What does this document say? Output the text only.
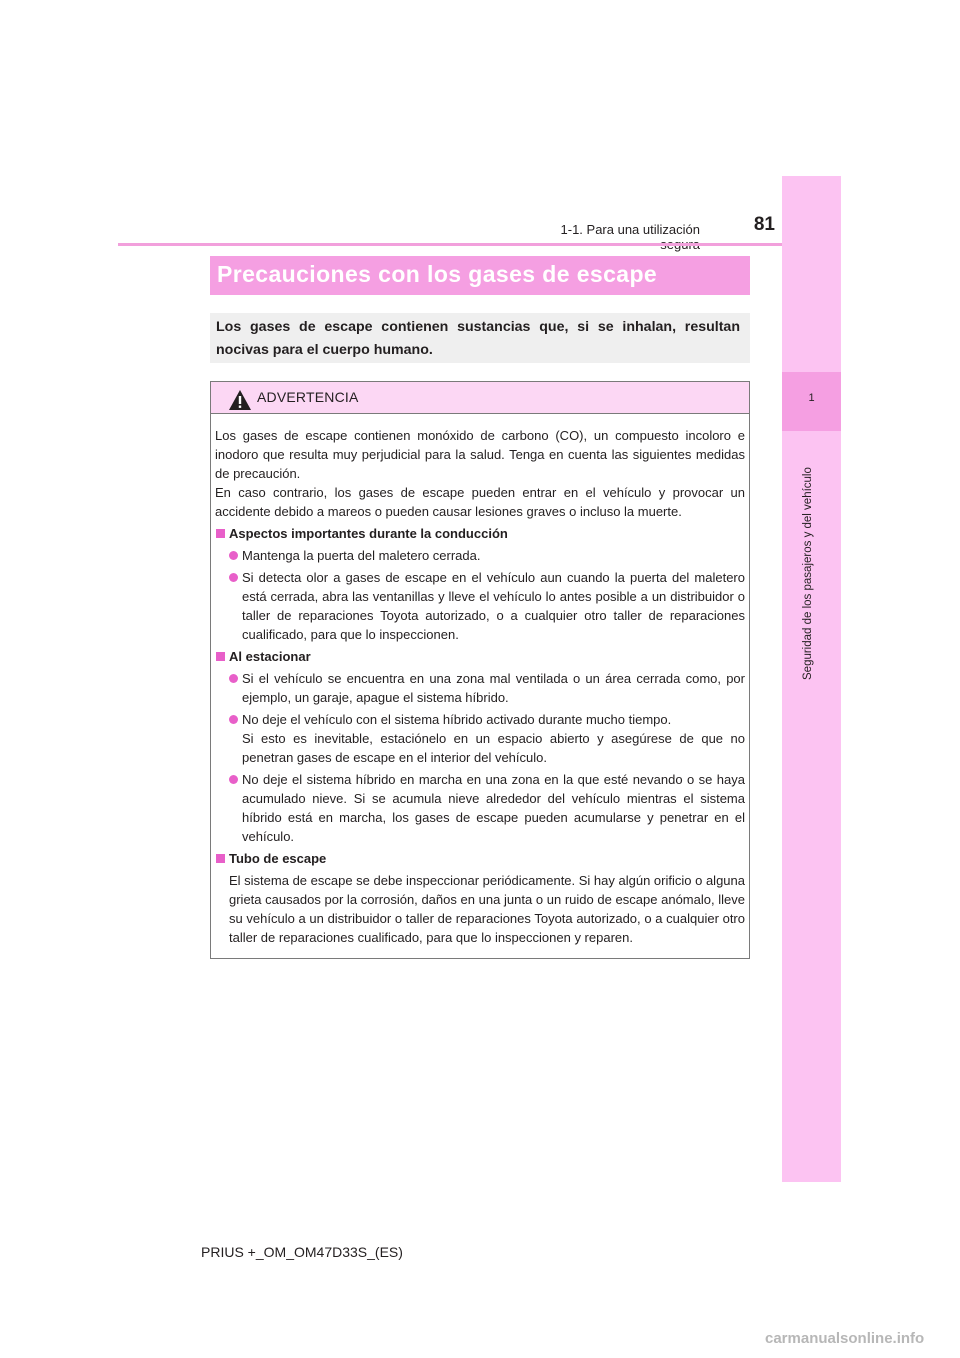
1-1. Para una utilización	81
1
Seguridad de los pasajeros y del vehículo
Precauciones con los gases de escape

Los gases de escape contienen sustancias que, si se inhalan, resultan nocivas para el cuerpo humano.

ADVERTENCIA

Los gases de escape contienen monóxido de carbono (CO), un compuesto incoloro e inodoro que resulta muy perjudicial para la salud. Tenga en cuenta las siguientes medidas de precaución.

En caso contrario, los gases de escape pueden entrar en el vehículo y provocar un accidente debido a mareos o pueden causar lesiones graves o incluso la muerte.

Aspectos importantes durante la conducción
Mantenga la puerta del maletero cerrada.
Si detecta olor a gases de escape en el vehículo aun cuando la puerta del maletero está cerrada, abra las ventanillas y lleve el vehículo lo antes posible a un distribuidor o taller de reparaciones Toyota autorizado, o a cualquier otro taller de reparaciones cualificado, para que lo inspeccionen.
Al estacionar
Si el vehículo se encuentra en una zona mal ventilada o un área cerrada como, por ejemplo, un garaje, apague el sistema híbrido.
No deje el vehículo con el sistema híbrido activado durante mucho tiempo.
Si esto es inevitable, estaciónelo en un espacio abierto y asegúrese de que no penetran gases de escape en el interior del vehículo.
No deje el sistema híbrido en marcha en una zona en la que esté nevando o se haya acumulado nieve. Si se acumula nieve alrededor del vehículo mientras el sistema híbrido está en marcha, los gases de escape pueden acumularse y penetrar en el vehículo.
Tubo de escape

El sistema de escape se debe inspeccionar periódicamente. Si hay algún orificio o alguna grieta causados por la corrosión, daños en una junta o un ruido de escape anómalo, lleve su vehículo a un distribuidor o taller de reparaciones Toyota autorizado, o a cualquier otro taller de reparaciones cualificado, para que lo inspeccionen y reparen.

PRIUS +_OM_OM47D33S_(ES)
carmanualsonline.info
